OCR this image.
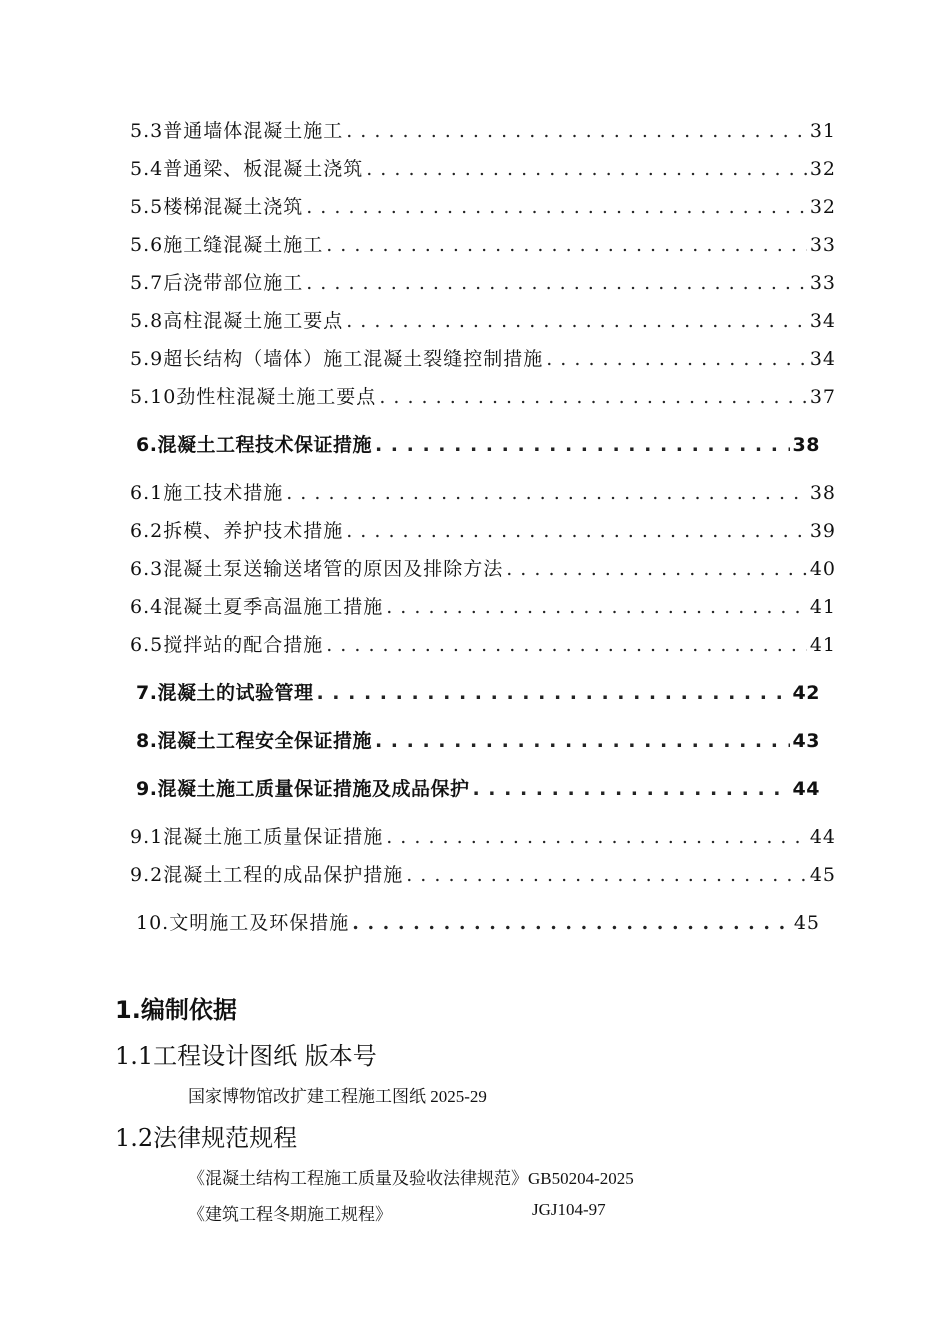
5.3普通墙体混凝土施工 . . .	31
5.4普通梁、板混凝土浇筑 . . .	32
5.5楼梯混凝土浇筑 . . .	32
5.6施工缝混凝土施工 . . .	33
5.7后浇带部位施工 . . .	33
5.8高柱混凝土施工要点 . . .	34
5.9超长结构（墙体）施工混凝土裂缝控制措施 . . .	34
5.10劲性柱混凝土施工要点 . . .	37
6.混凝土工程技术保证措施 . . .	38
6.1施工技术措施 . . .	38
6.2拆模、养护技术措施 . . .	39
6.3混凝土泵送输送堵管的原因及排除方法 . . .	40
6.4混凝土夏季高温施工措施 . . .	41
6.5搅拌站的配合措施 . . .	41
7.混凝土的试验管理 . . .	42
8.混凝土工程安全保证措施 . . .	43
9.混凝土施工质量保证措施及成品保护 . . .	44
9.1混凝土施工质量保证措施 . . .	44
9.2混凝土工程的成品保护措施 . . .	45
10.文明施工及环保措施 . . .	45
1.编制依据
1.1工程设计图纸 版本号
国家博物馆改扩建工程施工图纸 2025-29
1.2法律规范规程
《混凝土结构工程施工质量及验收法律规范》GB50204-2025
《建筑工程冬期施工规程》	JGJ104-97
